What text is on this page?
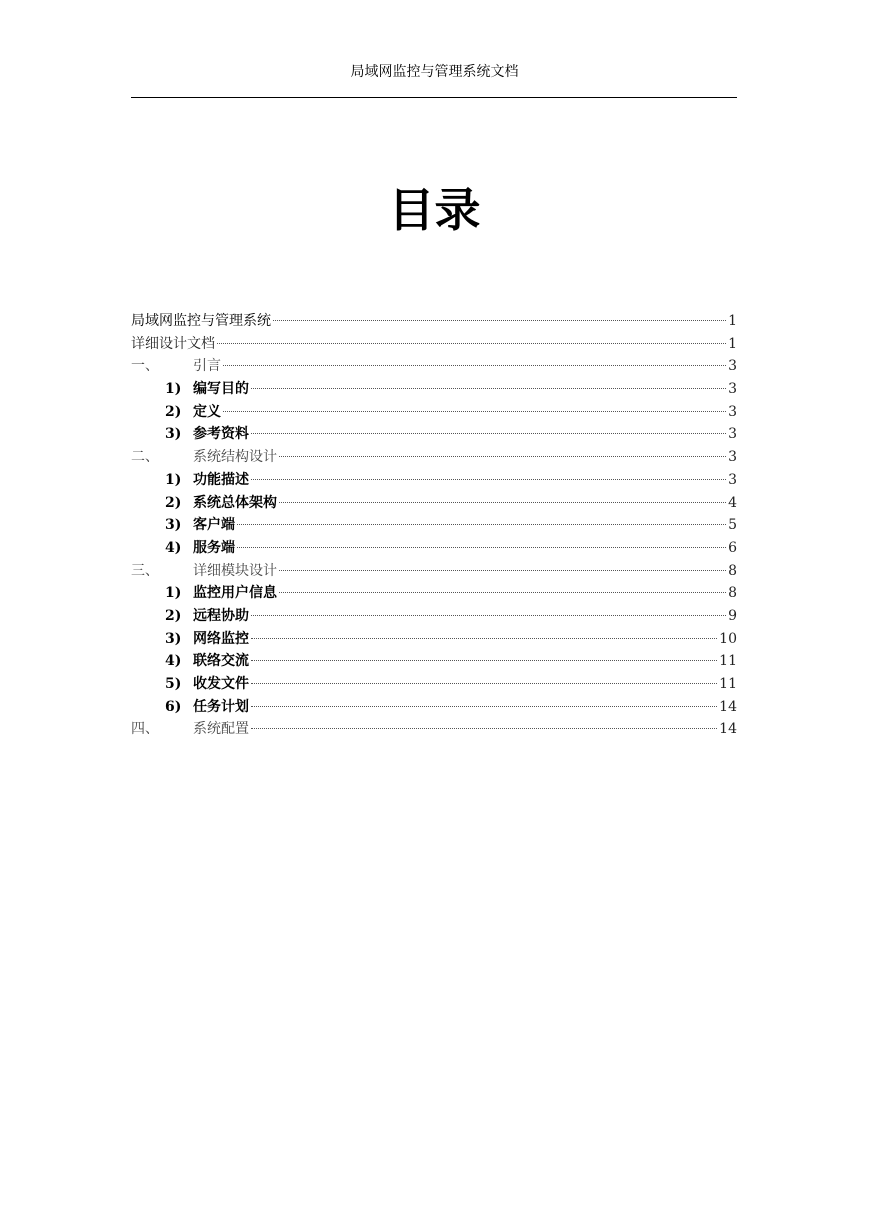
局域网监控与管理系统文档
目录
局域网监控与管理系统	1
详细设计文档	1
一、	引言	3
1) 编写目的	3
2) 定义	3
3) 参考资料	3
二、	系统结构设计	3
1) 功能描述	3
2) 系统总体架构	4
3) 客户端	5
4) 服务端	6
三、	详细模块设计	8
1) 监控用户信息	8
2) 远程协助	9
3) 网络监控	10
4) 联络交流	11
5) 收发文件	11
6) 任务计划	14
四、	系统配置	14
